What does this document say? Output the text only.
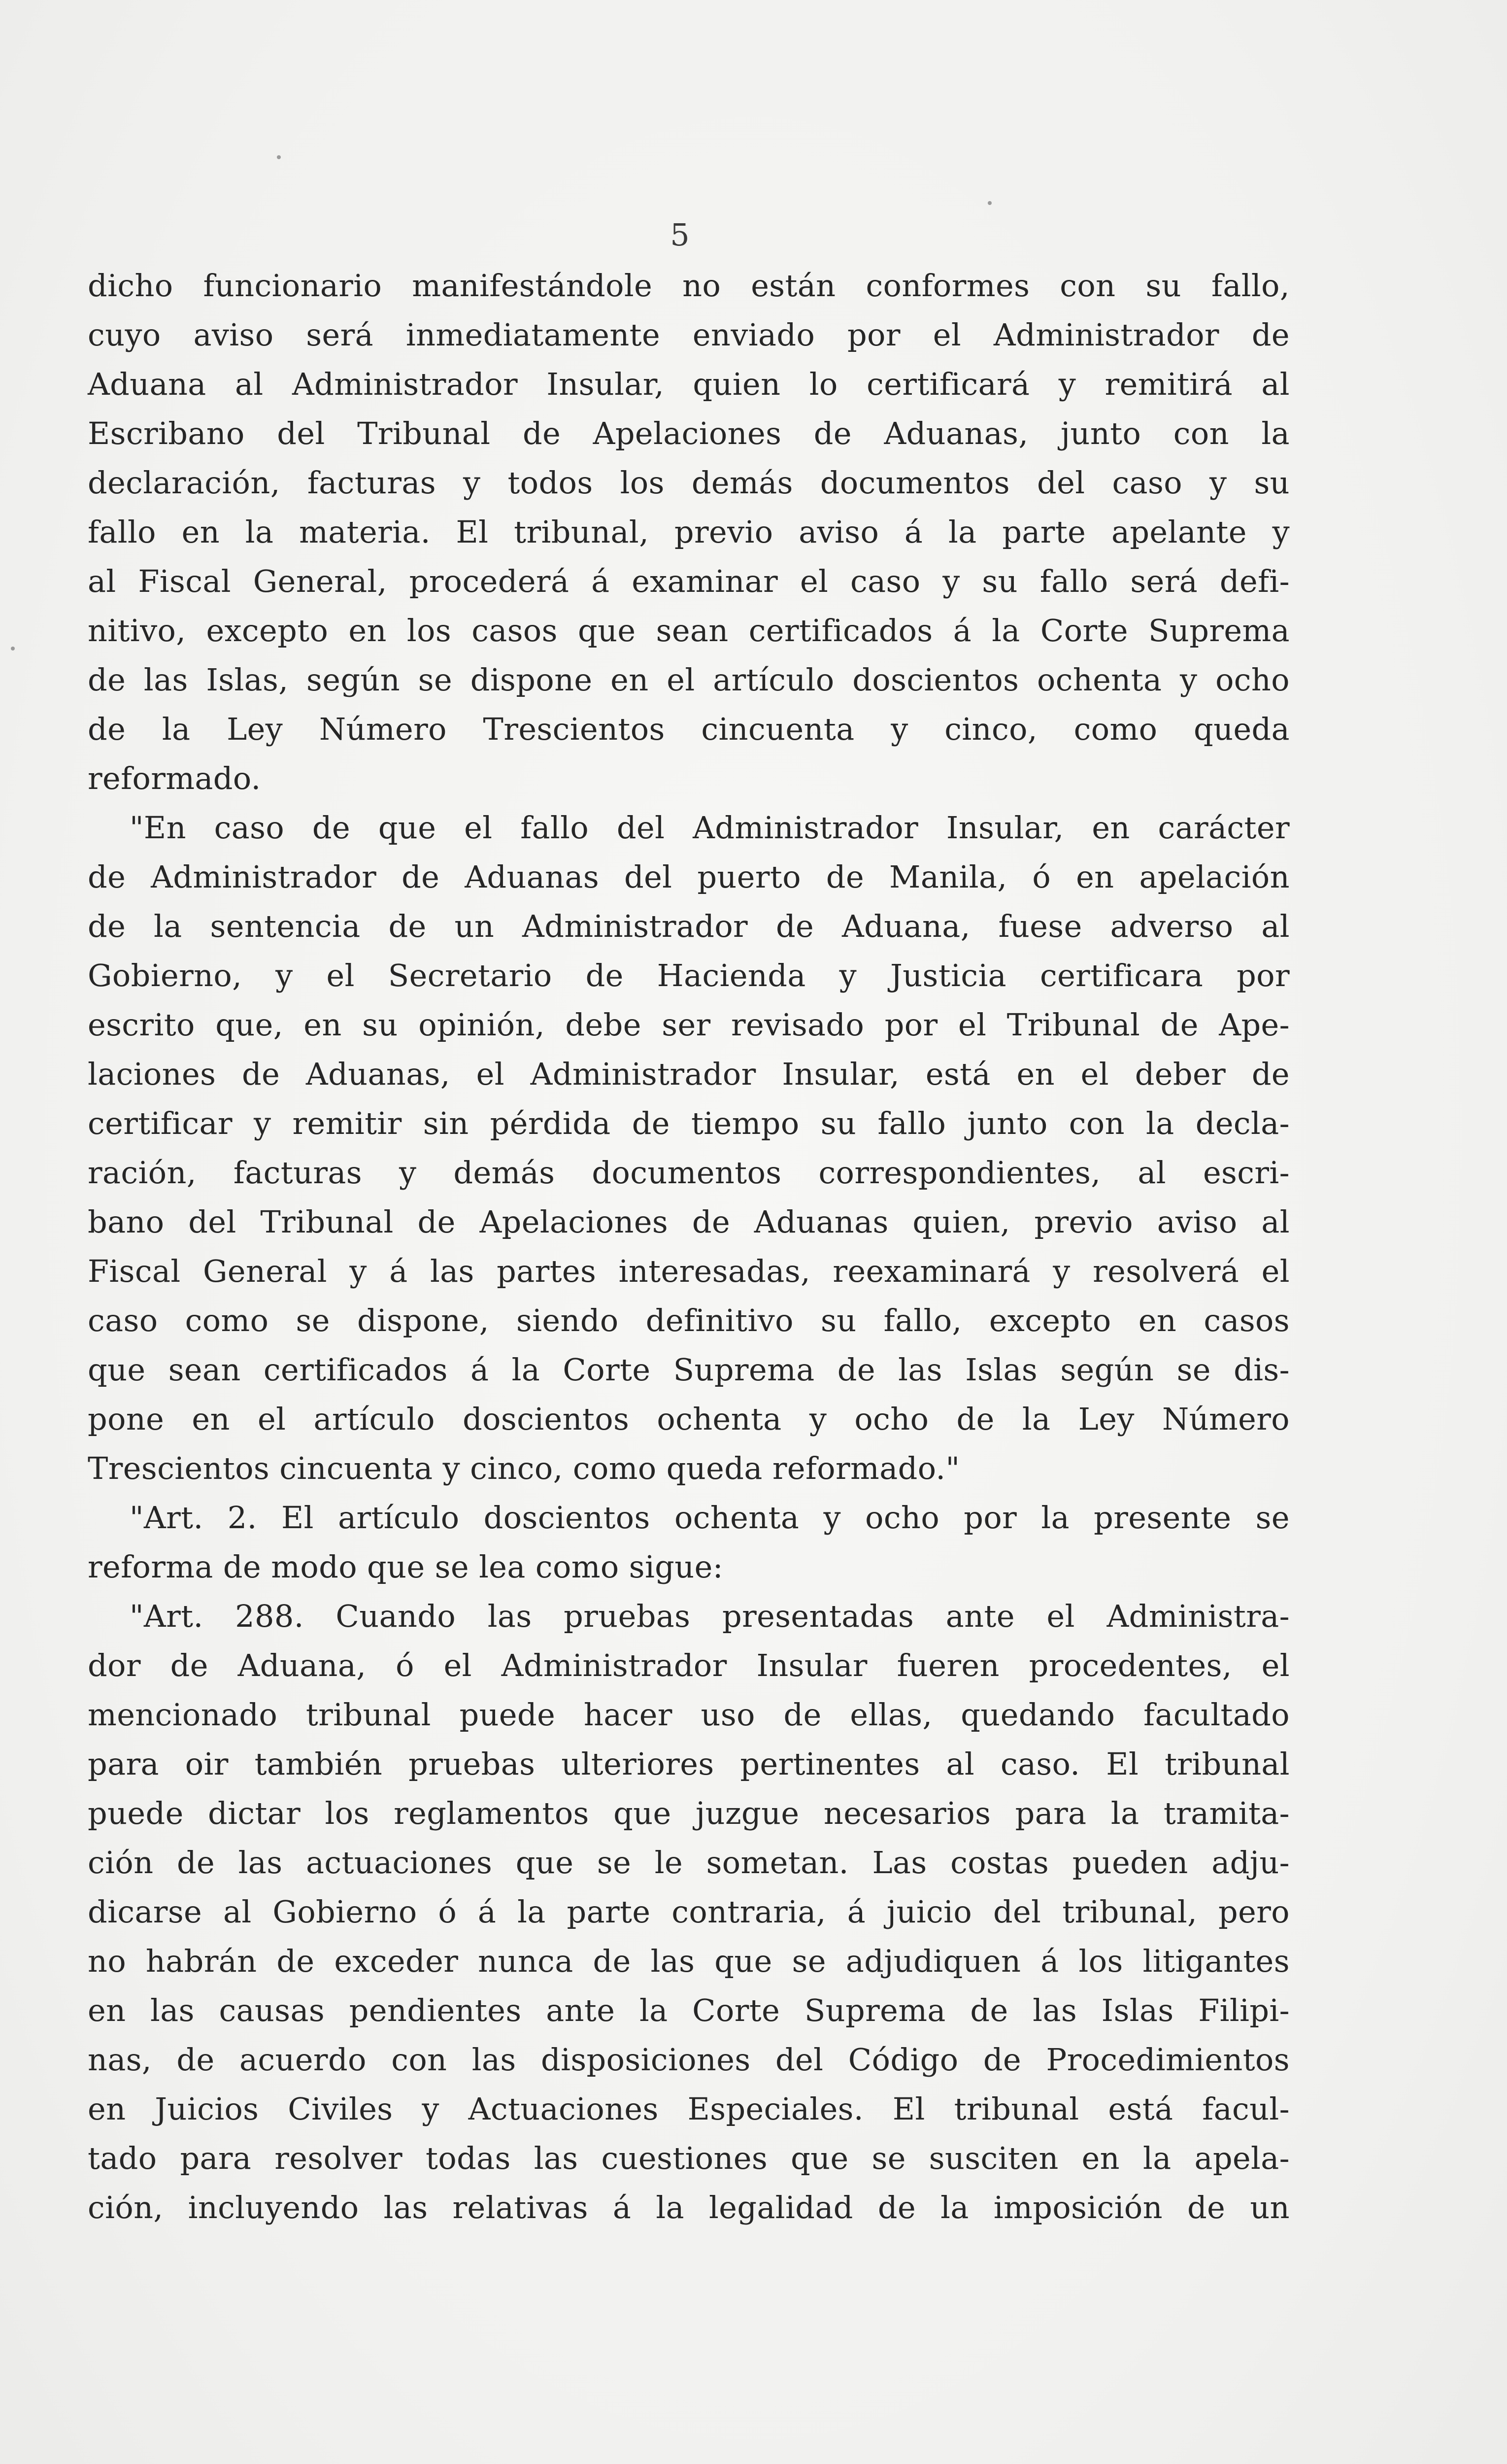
5
dicho funcionario manifestándole no están conformes con su fallo,
cuyo aviso será inmediatamente enviado por el Administrador de
Aduana al Administrador Insular, quien lo certificará y remitirá al
Escribano del Tribunal de Apelaciones de Aduanas, junto con la
declaración, facturas y todos los demás documentos del caso y su
fallo en la materia. El tribunal, previo aviso á la parte apelante y
al Fiscal General, procederá á examinar el caso y su fallo será defi-
nitivo, excepto en los casos que sean certificados á la Corte Suprema
de las Islas, según se dispone en el artículo doscientos ochenta y ocho
de la Ley Número Trescientos cincuenta y cinco, como queda
reformado.
"En caso de que el fallo del Administrador Insular, en carácter
de Administrador de Aduanas del puerto de Manila, ó en apelación
de la sentencia de un Administrador de Aduana, fuese adverso al
Gobierno, y el Secretario de Hacienda y Justicia certificara por
escrito que, en su opinión, debe ser revisado por el Tribunal de Ape-
laciones de Aduanas, el Administrador Insular, está en el deber de
certificar y remitir sin pérdida de tiempo su fallo junto con la decla-
ración, facturas y demás documentos correspondientes, al escri-
bano del Tribunal de Apelaciones de Aduanas quien, previo aviso al
Fiscal General y á las partes interesadas, reexaminará y resolverá el
caso como se dispone, siendo definitivo su fallo, excepto en casos
que sean certificados á la Corte Suprema de las Islas según se dis-
pone en el artículo doscientos ochenta y ocho de la Ley Número
Trescientos cincuenta y cinco, como queda reformado."
"Art. 2. El artículo doscientos ochenta y ocho por la presente se
reforma de modo que se lea como sigue:
"Art. 288. Cuando las pruebas presentadas ante el Administra-
dor de Aduana, ó el Administrador Insular fueren procedentes, el
mencionado tribunal puede hacer uso de ellas, quedando facultado
para oir también pruebas ulteriores pertinentes al caso. El tribunal
puede dictar los reglamentos que juzgue necesarios para la tramita-
ción de las actuaciones que se le sometan. Las costas pueden adju-
dicarse al Gobierno ó á la parte contraria, á juicio del tribunal, pero
no habrán de exceder nunca de las que se adjudiquen á los litigantes
en las causas pendientes ante la Corte Suprema de las Islas Filipi-
nas, de acuerdo con las disposiciones del Código de Procedimientos
en Juicios Civiles y Actuaciones Especiales. El tribunal está facul-
tado para resolver todas las cuestiones que se susciten en la apela-
ción, incluyendo las relativas á la legalidad de la imposición de un
